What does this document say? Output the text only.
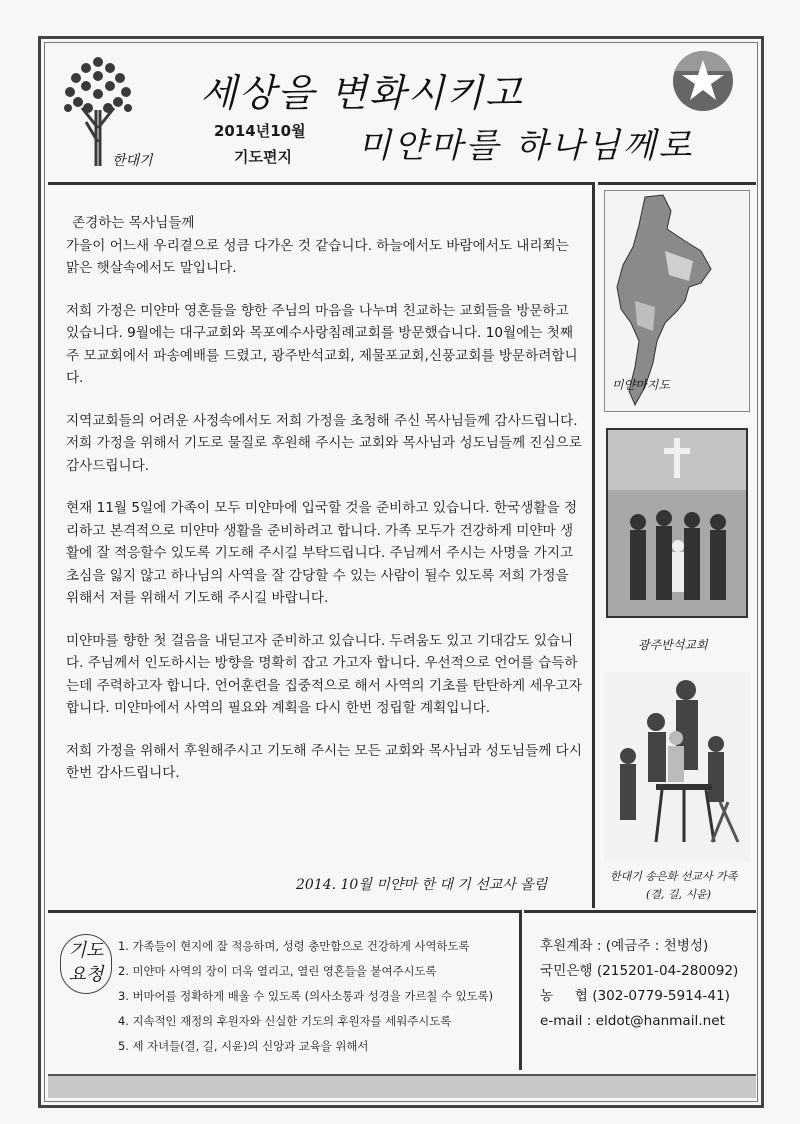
한대기
세상을 변화시키고
2014년10월
기도편지 미얀마를 하나님께로
존경하는 목사님들께

가을이 어느새 우리곁으로 성큼 다가온 것 같습니다. 하늘에서도 바람에서도 내리쬐는 맑은 햇살속에서도 말입니다.

저희 가정은 미얀마 영혼들을 향한 주님의 마음을 나누며 친교하는 교회들을 방문하고 있습니다. 9월에는 대구교회와 목포예수사랑침례교회를 방문했습니다. 10월에는 첫째주 모교회에서 파송예배를 드렸고, 광주반석교회, 제물포교회,신풍교회를 방문하려합니다.

지역교회들의 어려운 사정속에서도 저희 가정을 초청해 주신 목사님들께 감사드립니다. 저희 가정을 위해서 기도로 물질로 후원해 주시는 교회와 목사님과 성도님들께 진심으로 감사드립니다.

현재 11월 5일에 가족이 모두 미얀마에 입국할 것을 준비하고 있습니다. 한국생활을 정리하고 본격적으로 미얀마 생활을 준비하려고 합니다. 가족 모두가 건강하게 미얀마 생활에 잘 적응할수 있도록 기도해 주시길 부탁드립니다. 주님께서 주시는 사명을 가지고 초심을 잃지 않고 하나님의 사역을 잘 감당할 수 있는 사람이 될수 있도록 저희 가정을 위해서 저를 위해서 기도해 주시길 바랍니다.

미얀마를 향한 첫 걸음을 내딛고자 준비하고 있습니다. 두려움도 있고 기대감도 있습니다. 주님께서 인도하시는 방향을 명확히 잡고 가고자 합니다. 우선적으로 언어를 습득하는데 주력하고자 합니다. 언어훈련을 집중적으로 해서 사역의 기초를 탄탄하게 세우고자 합니다. 미얀마에서 사역의 필요와 계획을 다시 한번 정립할 계획입니다.

저희 가정을 위해서 후원해주시고 기도해 주시는 모든 교회와 목사님과 성도님들께 다시 한번 감사드립니다.

2014. 10월 미얀마 한 대 기 선교사 올림
미얀마지도
광주반석교회
한대기 송은화 선교사 가족
(결, 길, 시윤)
기도
요청
1. 가족들이 현지에 잘 적응하며, 성령 충만함으로 건강하게 사역하도록
2. 미얀마 사역의 장이 더욱 열리고, 열린 영혼들을 붙여주시도록
3. 버마어를 정확하게 배울 수 있도록 (의사소통과 성경을 가르칠 수 있도록)
4. 지속적인 재정의 후원자와 신실한 기도의 후원자를 세워주시도록
5. 세 자녀들(결, 길, 시윤)의 신앙과 교육을 위해서
후원계좌 : (예금주 : 천병성)
국민은행 (215201-04-280092)
농     협 (302-0779-5914-41)
e-mail : eldot@hanmail.net
